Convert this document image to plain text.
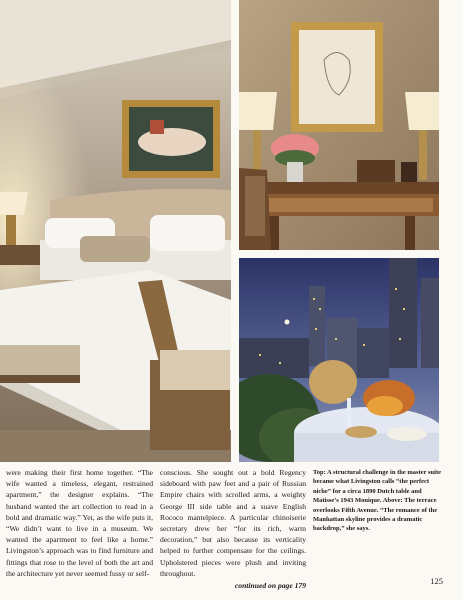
were making their first home together. “The wife wanted a timeless, elegant, restrained apartment,” the designer explains. “The husband wanted the art collection to read in a bold and dramatic way.” Yet, as the wife puts it, “We didn’t want to live in a museum. We wanted the apartment to feel like a home.” Livingston’s approach was to find furniture and fittings that rose to the level of both the art and the architecture yet never seemed fussy or self-

conscious. She sought out a bold Regency sideboard with paw feet and a pair of Russian Empire chairs with scrolled arms, a weighty George III side table and a suave English Rococo mantelpiece. A particular chinoiserie secretary drew her “for its rich, warm decoration,” but also because its verticality helped to further compensate for the ceilings. Upholstered pieces were plush and inviting throughout.

continued on page 179

Top: A structural challenge in the master suite became what Livingston calls “the perfect niche” for a circa 1890 Dutch table and Matisse’s 1943 Monique. Above: The terrace overlooks Fifth Avenue. “The romance of the Manhattan skyline provides a dramatic backdrop,” she says.

125
